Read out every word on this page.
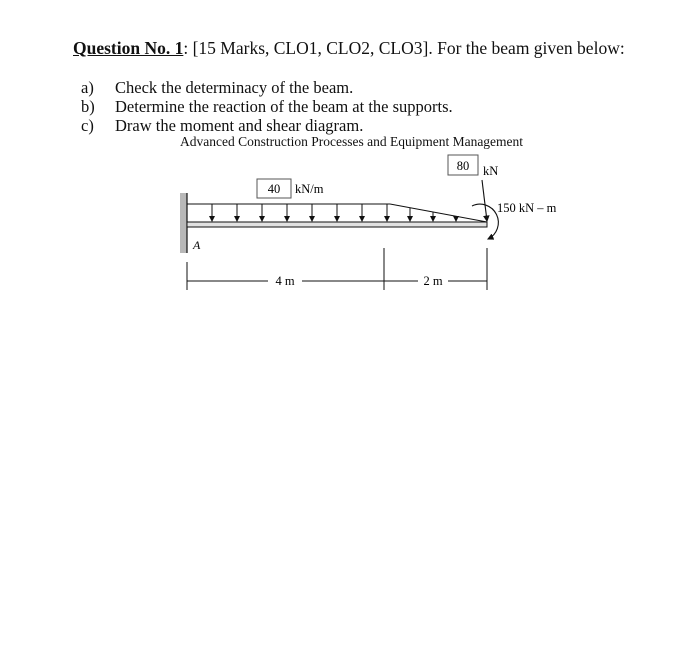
Question No. 1: [15 Marks, CLO1, CLO2, CLO3]. For the beam given below:
a)	Check the determinacy of the beam.
b)	Determine the reaction of the beam at the supports.
c)	Draw the moment and shear diagram.
Advanced Construction Processes and Equipment Management
A
40 kN/m
80 kN
150 kN – m
4 m	2 m
